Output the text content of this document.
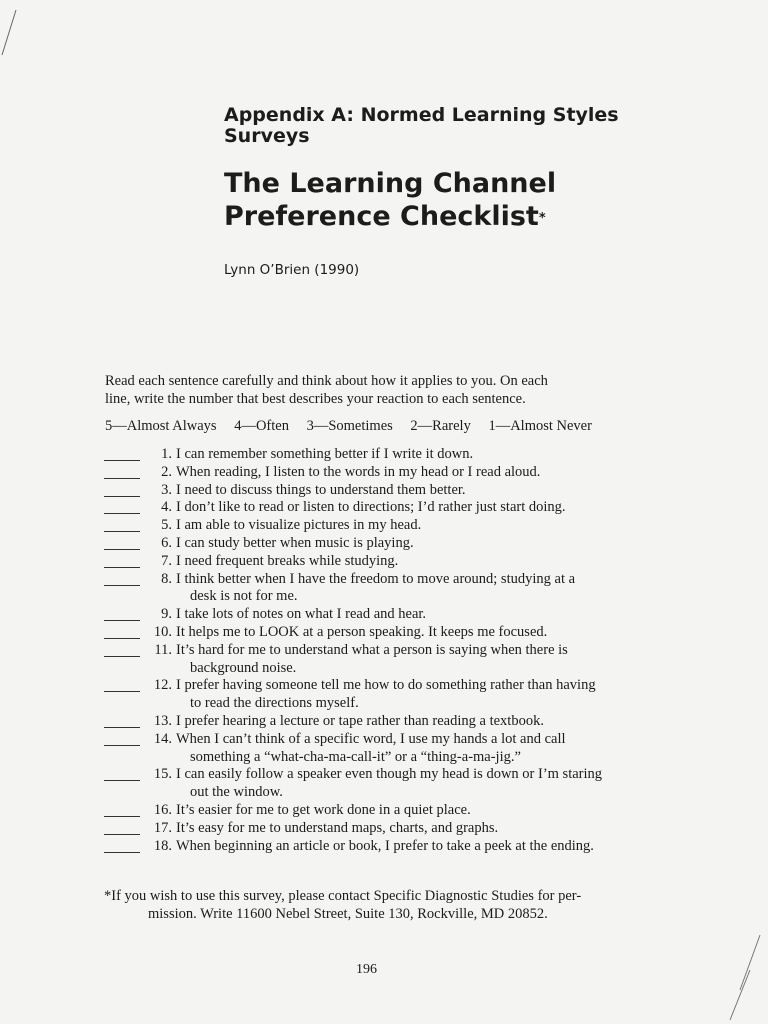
Appendix A: Normed Learning Styles
Surveys
The Learning Channel
Preference Checklist*
Lynn O’Brien (1990)
Read each sentence carefully and think about how it applies to you. On each
line, write the number that best describes your reaction to each sentence.
5—Almost Always 4—Often 3—Sometimes 2—Rarely 1—Almost Never
1. I can remember something better if I write it down.
2. When reading, I listen to the words in my head or I read aloud.
3. I need to discuss things to understand them better.
4. I don’t like to read or listen to directions; I’d rather just start doing.
5. I am able to visualize pictures in my head.
6. I can study better when music is playing.
7. I need frequent breaks while studying.
8. I think better when I have the freedom to move around; studying at a
desk is not for me.
9. I take lots of notes on what I read and hear.
10. It helps me to LOOK at a person speaking. It keeps me focused.
11. It’s hard for me to understand what a person is saying when there is
background noise.
12. I prefer having someone tell me how to do something rather than having
to read the directions myself.
13. I prefer hearing a lecture or tape rather than reading a textbook.
14. When I can’t think of a specific word, I use my hands a lot and call
something a “what-cha-ma-call-it” or a “thing-a-ma-jig.”
15. I can easily follow a speaker even though my head is down or I’m staring
out the window.
16. It’s easier for me to get work done in a quiet place.
17. It’s easy for me to understand maps, charts, and graphs.
18. When beginning an article or book, I prefer to take a peek at the ending.
*If you wish to use this survey, please contact Specific Diagnostic Studies for per-
mission. Write 11600 Nebel Street, Suite 130, Rockville, MD 20852.
196
